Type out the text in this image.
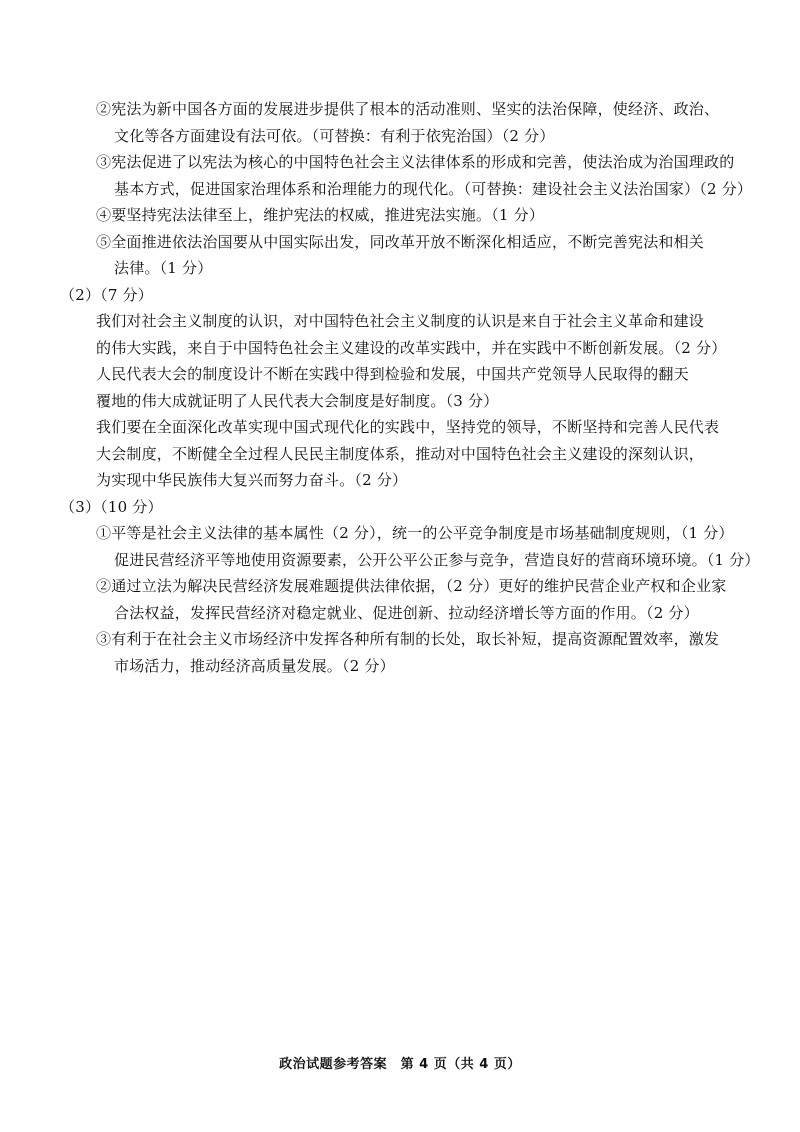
②宪法为新中国各方面的发展进步提供了根本的活动准则、坚实的法治保障，使经济、政治、
文化等各方面建设有法可依。（可替换：有利于依宪治国）（2 分）
③宪法促进了以宪法为核心的中国特色社会主义法律体系的形成和完善，使法治成为治国理政的
基本方式，促进国家治理体系和治理能力的现代化。（可替换：建设社会主义法治国家）（2 分）
④要坚持宪法法律至上，维护宪法的权威，推进宪法实施。（1 分）
⑤全面推进依法治国要从中国实际出发，同改革开放不断深化相适应，不断完善宪法和相关
法律。（1 分）
（2）（7 分）
我们对社会主义制度的认识，对中国特色社会主义制度的认识是来自于社会主义革命和建设
的伟大实践，来自于中国特色社会主义建设的改革实践中，并在实践中不断创新发展。（2 分）
人民代表大会的制度设计不断在实践中得到检验和发展，中国共产党领导人民取得的翻天
覆地的伟大成就证明了人民代表大会制度是好制度。（3 分）
我们要在全面深化改革实现中国式现代化的实践中，坚持党的领导，不断坚持和完善人民代表
大会制度，不断健全全过程人民民主制度体系，推动对中国特色社会主义建设的深刻认识，
为实现中华民族伟大复兴而努力奋斗。（2 分）
（3）（10 分）
①平等是社会主义法律的基本属性（2 分），统一的公平竞争制度是市场基础制度规则，（1 分）
促进民营经济平等地使用资源要素，公开公平公正参与竞争，营造良好的营商环境环境。（1 分）
②通过立法为解决民营经济发展难题提供法律依据，（2 分）更好的维护民营企业产权和企业家
合法权益，发挥民营经济对稳定就业、促进创新、拉动经济增长等方面的作用。（2 分）
③有利于在社会主义市场经济中发挥各种所有制的长处，取长补短，提高资源配置效率，激发
市场活力，推动经济高质量发展。（2 分）
政治试题参考答案　第 4 页（共 4 页）
